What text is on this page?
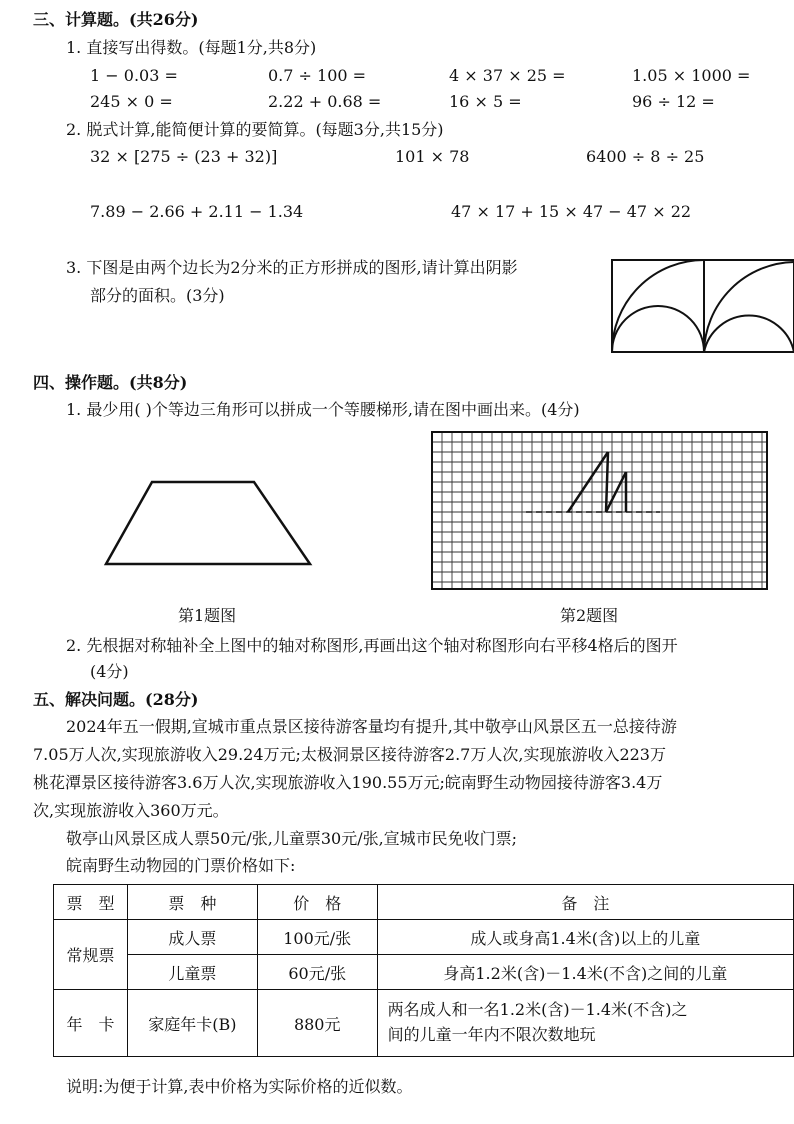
三、计算题。(共26分)
1. 直接写出得数。(每题1分,共8分)
1 − 0.03 =	0.7 ÷ 100 =	4 × 37 × 25 =	1.05 × 1000 =
245 × 0 =	2.22 + 0.68 =	16 × 5 =	96 ÷ 12 =
2. 脱式计算,能简便计算的要简算。(每题3分,共15分)
32 × [275 ÷ (23 + 32)]	101 × 78	6400 ÷ 8 ÷ 25
7.89 − 2.66 + 2.11 − 1.34	47 × 17 + 15 × 47 − 47 × 22
3. 下图是由两个边长为2分米的正方形拼成的图形,请计算出阴影
部分的面积。(3分)
四、操作题。(共8分)
1. 最少用( )个等边三角形可以拼成一个等腰梯形,请在图中画出来。(4分)
第1题图	第2题图
2. 先根据对称轴补全上图中的轴对称图形,再画出这个轴对称图形向右平移4格后的图开
(4分)
五、解决问题。(28分)
2024年五一假期,宣城市重点景区接待游客量均有提升,其中敬亭山风景区五一总接待游
7.05万人次,实现旅游收入29.24万元;太极洞景区接待游客2.7万人次,实现旅游收入223万
桃花潭景区接待游客3.6万人次,实现旅游收入190.55万元;皖南野生动物园接待游客3.4万
次,实现旅游收入360万元。
敬亭山风景区成人票50元/张,儿童票30元/张,宣城市民免收门票;
皖南野生动物园的门票价格如下:
票　型	票　种	价　格	备　注
常规票	成人票	100元/张	成人或身高1.4米(含)以上的儿童
	儿童票	60元/张	身高1.2米(含)－1.4米(不含)之间的儿童
年　卡	家庭年卡(B)	880元	两名成人和一名1.2米(含)－1.4米(不含)之
间的儿童一年内不限次数地玩
说明:为便于计算,表中价格为实际价格的近似数。
